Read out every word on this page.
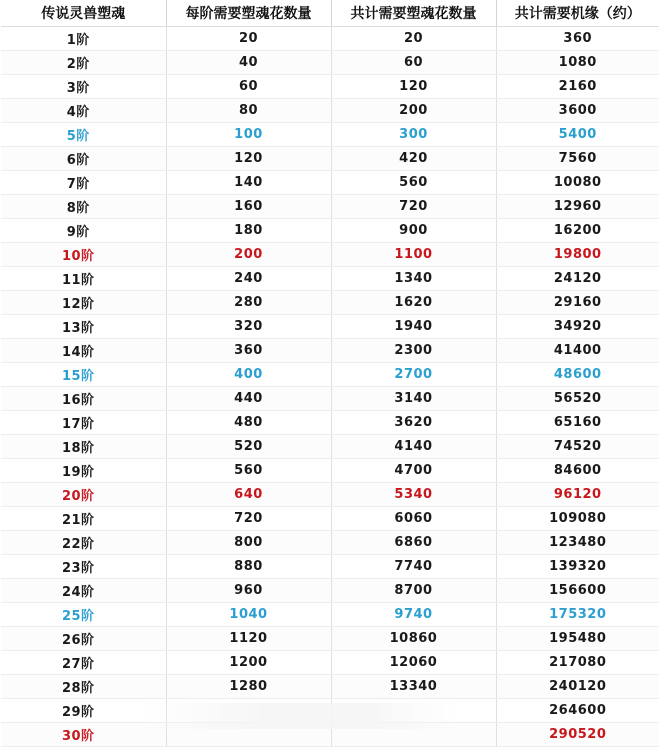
传说灵兽塑魂	每阶需要塑魂花数量	共计需要塑魂花数量	共计需要机缘（约）
1阶	20	20	360
2阶	40	60	1080
3阶	60	120	2160
4阶	80	200	3600
5阶	100	300	5400
6阶	120	420	7560
7阶	140	560	10080
8阶	160	720	12960
9阶	180	900	16200
10阶	200	1100	19800
11阶	240	1340	24120
12阶	280	1620	29160
13阶	320	1940	34920
14阶	360	2300	41400
15阶	400	2700	48600
16阶	440	3140	56520
17阶	480	3620	65160
18阶	520	4140	74520
19阶	560	4700	84600
20阶	640	5340	96120
21阶	720	6060	109080
22阶	800	6860	123480
23阶	880	7740	139320
24阶	960	8700	156600
25阶	1040	9740	175320
26阶	1120	10860	195480
27阶	1200	12060	217080
28阶	1280	13340	240120
29阶			264600
30阶			290520
